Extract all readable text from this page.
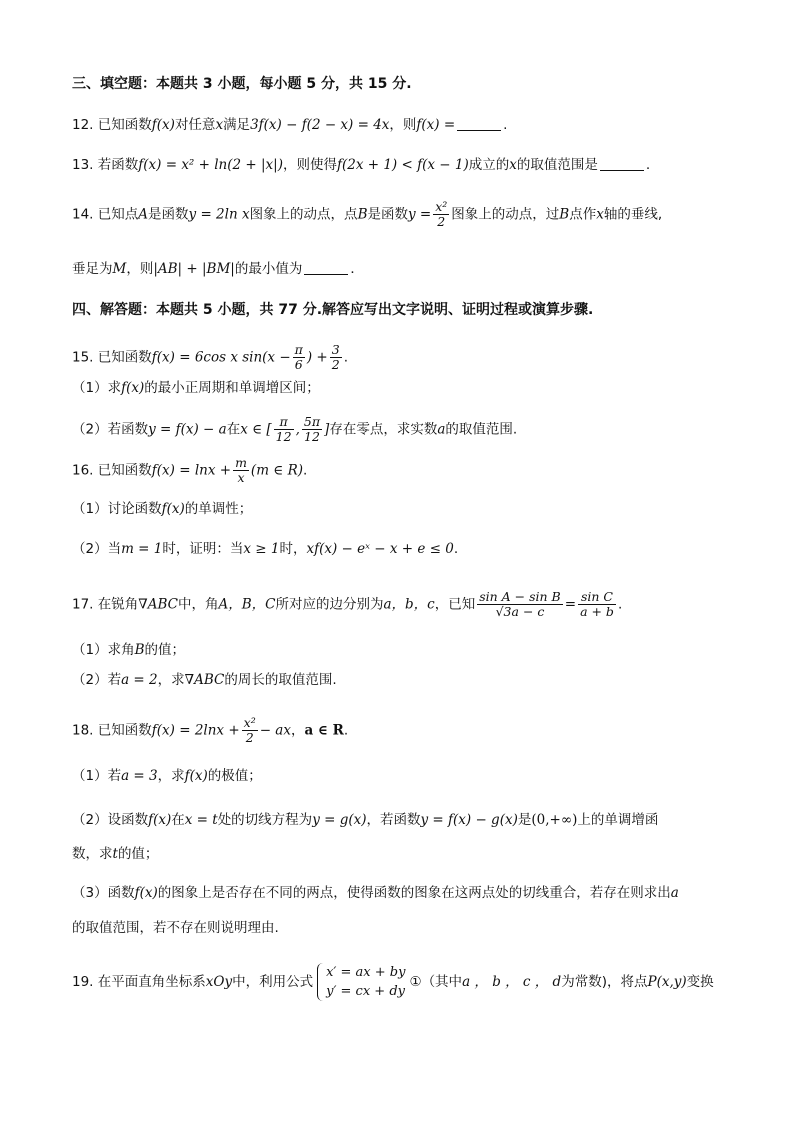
三、填空题：本题共 3 小题，每小题 5 分，共 15 分.
12. 已知函数f(x)对任意x满足3f(x) − f(2 − x) = 4x，则f(x) =	.
13. 若函数f(x) = x² + ln(2 + |x|)，则使得f(2x + 1) < f(x − 1)成立的x的取值范围是	.
14. 已知点A是函数y = 2ln x图象上的动点，点B是函数$y = \frac{\text{x²}}{2}$ 图象上的动点，过B点作x轴的垂线,
垂足为M，则|AB| + |BM|的最小值为	．
四、解答题：本题共 5 小题，共 77 分.解答应写出文字说明、证明过程或演算步骤.
15. 已知函数f(x) = 6cos x $\sin(x - \frac{\pi}{6}$ ) + $\frac{3}{2}$ .
（1）求f(x)的最小正周期和单调增区间；
（2）若函数y = f(x) − a在x ∈ [ $\frac{\pi}{12}$ , $\frac{5\pi}{12}$ ]存在零点，求实数a的取值范围.
16. 已知函数$f(x) = \ln x + \frac{m}{x} (m$ ∈ R).
（1）讨论函数f(x)的单调性；
（2）当m = 1时，证明：当x ≥ 1时，xf(x) − eˣ − x + e ≤ 0.
17. 在锐角∇ABC中，角A，B，C所对应的边分别为a，b，c，已知 $\frac{\text{sin A − sin B}}{√3a - c} = \frac{\text{sin C}}{a + b}$ .
（1）求角B的值；
（2）若a = 2，求∇ABC的周长的取值范围.
18. 已知函数$f(x) = 2\ln x + \frac{\text{x²}}{2}$ − ax，a ∈ R.
（1）若a = 3，求f(x)的极值；
（2）设函数f(x)在x = t处的切线方程为y = g(x)，若函数y = f(x) − g(x)是(0,+∞)上的单调增函
数，求t的值；
（3）函数f(x)的图象上是否存在不同的两点，使得函数的图象在这两点处的切线重合，若存在则求出a
的取值范围，若不存在则说明理由.
19. 在平面直角坐标系xOy中，利用公式
x′ = ax + by
y′ = cx + dy
①（其中a ， b ， c ， d为常数)，将点P(x,y)变换
